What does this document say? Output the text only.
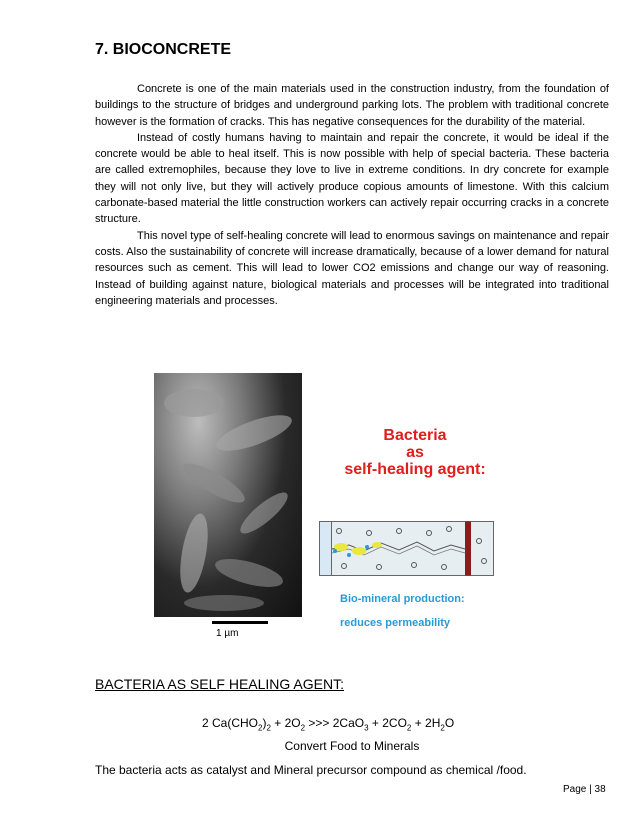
7. BIOCONCRETE

Concrete is one of the main materials used in the construction industry, from the foundation of buildings to the structure of bridges and underground parking lots. The problem with traditional concrete however is the formation of cracks. This has negative consequences for the durability of the material.

Instead of costly humans having to maintain and repair the concrete, it would be ideal if the concrete would be able to heal itself. This is now possible with help of special bacteria. These bacteria are called extremophiles, because they love to live in extreme conditions. In dry concrete for example they will not only live, but they will actively produce copious amounts of limestone. With this calcium carbonate-based material the little construction workers can actively repair occurring cracks in a concrete structure.

This novel type of self-healing concrete will lead to enormous savings on maintenance and repair costs. Also the sustainability of concrete will increase dramatically, because of a lower demand for natural resources such as cement. This will lead to lower CO2 emissions and change our way of reasoning. Instead of building against nature, biological materials and processes will be integrated into traditional engineering materials and processes.

1 µm
Bacteria
as
self-healing agent:
Bio-mineral production:
reduces permeability
BACTERIA AS SELF HEALING AGENT:
2 $Ca(CHO_2)_2 + 2O_2$ >>> $2CaO_3 + 2CO_2 + 2H_2O$
Convert Food to Minerals
The bacteria acts as catalyst and Mineral precursor compound as chemical /food.
Page | 38
